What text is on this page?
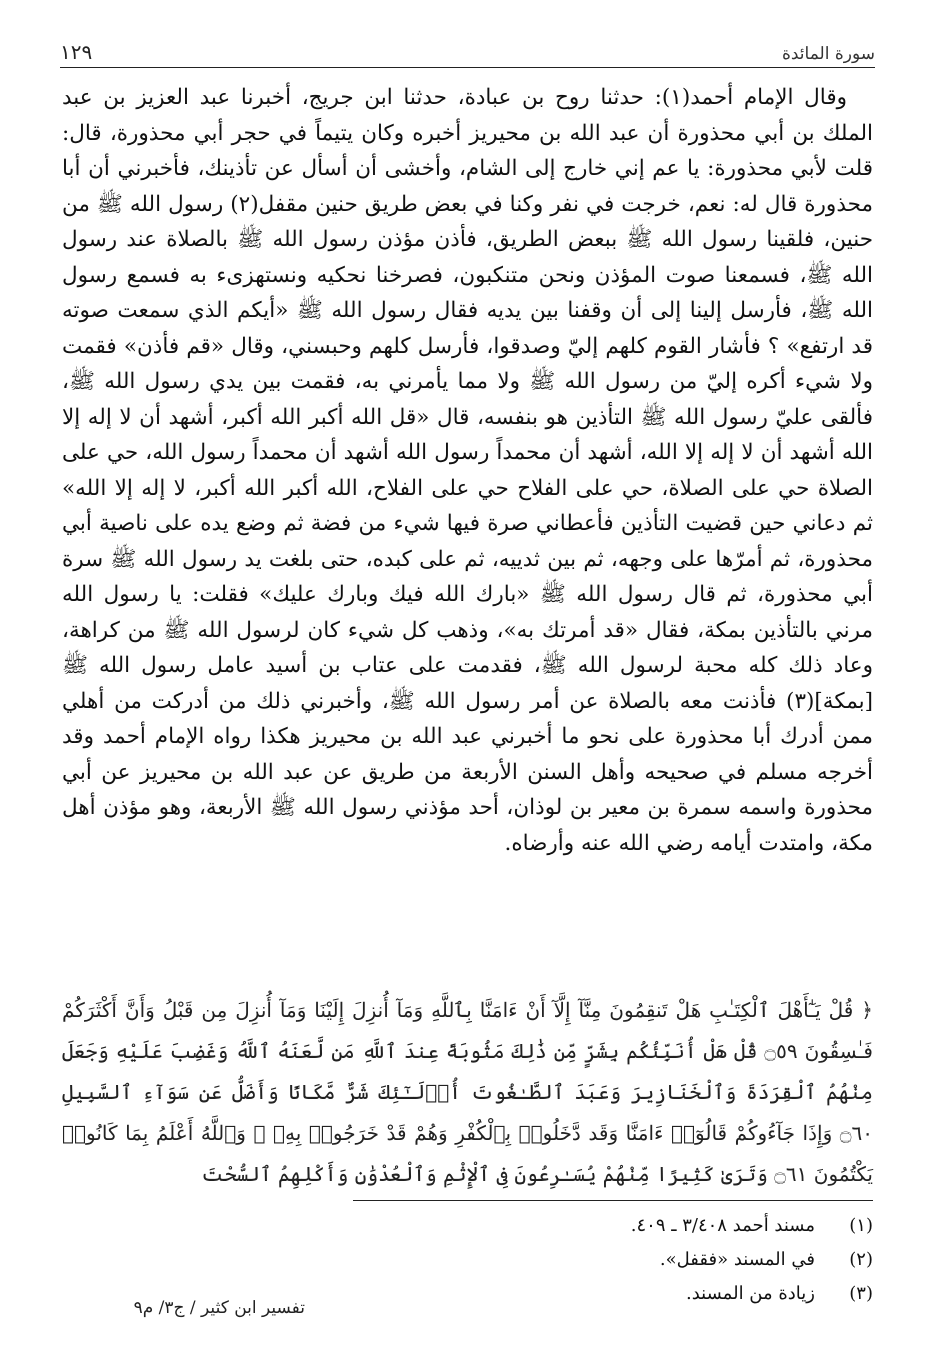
سورة المائدة
١٢٩

وقال الإمام أحمد(١): حدثنا روح بن عبادة، حدثنا ابن جريج، أخبرنا عبد العزيز بن عبد الملك بن أبي محذورة أن عبد الله بن محيريز أخبره وكان يتيماً في حجر أبي محذورة، قال: قلت لأبي محذورة: يا عم إني خارج إلى الشام، وأخشى أن أسأل عن تأذينك، فأخبرني أن أبا محذورة قال له: نعم، خرجت في نفر وكنا في بعض طريق حنين مقفل(٢) رسول الله ﷺ من حنين، فلقينا رسول الله ﷺ ببعض الطريق، فأذن مؤذن رسول الله ﷺ بالصلاة عند رسول الله ﷺ، فسمعنا صوت المؤذن ونحن متنكبون، فصرخنا نحكيه ونستهزىء به فسمع رسول الله ﷺ، فأرسل إلينا إلى أن وقفنا بين يديه فقال رسول الله ﷺ «أيكم الذي سمعت صوته قد ارتفع» ؟ فأشار القوم كلهم إليّ وصدقوا، فأرسل كلهم وحبسني، وقال «قم فأذن» فقمت ولا شيء أكره إليّ من رسول الله ﷺ ولا مما يأمرني به، فقمت بين يدي رسول الله ﷺ، فألقى عليّ رسول الله ﷺ التأذين هو بنفسه، قال «قل الله أكبر الله أكبر، أشهد أن لا إله إلا الله أشهد أن لا إله إلا الله، أشهد أن محمداً رسول الله أشهد أن محمداً رسول الله، حي على الصلاة حي على الصلاة، حي على الفلاح حي على الفلاح، الله أكبر الله أكبر، لا إله إلا الله» ثم دعاني حين قضيت التأذين فأعطاني صرة فيها شيء من فضة ثم وضع يده على ناصية أبي محذورة، ثم أمرّها على وجهه، ثم بين ثدييه، ثم على كبده، حتى بلغت يد رسول الله ﷺ سرة أبي محذورة، ثم قال رسول الله ﷺ «بارك الله فيك وبارك عليك» فقلت: يا رسول الله مرني بالتأذين بمكة، فقال «قد أمرتك به»، وذهب كل شيء كان لرسول الله ﷺ من كراهة، وعاد ذلك كله محبة لرسول الله ﷺ، فقدمت على عتاب بن أسيد عامل رسول الله ﷺ [بمكة](٣) فأذنت معه بالصلاة عن أمر رسول الله ﷺ، وأخبرني ذلك من أدركت من أهلي ممن أدرك أبا محذورة على نحو ما أخبرني عبد الله بن محيريز هكذا رواه الإمام أحمد وقد أخرجه مسلم في صحيحه وأهل السنن الأربعة من طريق عن عبد الله بن محيريز عن أبي محذورة واسمه سمرة بن معير بن لوذان، أحد مؤذني رسول الله ﷺ الأربعة، وهو مؤذن أهل مكة، وامتدت أيامه رضي الله عنه وأرضاه.

﴿ قُلْ يَـٰٓأَهْلَ ٱلْكِتَـٰبِ هَلْ تَنقِمُونَ مِنَّآ إِلَّآ أَنْ ءَامَنَّا بِٱللَّهِ وَمَآ أُنزِلَ إِلَيْنَا وَمَآ أُنزِلَ مِن قَبْلُ وَأَنَّ أَكْثَرَكُمْ فَـٰسِقُونَ ۝٥٩ قُلْ هَلْ أُنَبِّئُكُم بِشَرٍّ مِّن ذَٰلِكَ مَثُوبَةً عِندَ ٱللَّهِ مَن لَّعَنَهُ ٱللَّهُ وَغَضِبَ عَلَيْهِ وَجَعَلَ مِنْهُمُ ٱلْقِرَدَةَ وَٱلْخَنَازِيرَ وَعَبَدَ ٱلطَّـٰغُوتَ أُو۟لَـٰٓئِكَ شَرٌّ مَّكَانًا وَأَضَلُّ عَن سَوَآءِ ٱلسَّبِيلِ ۝٦٠ وَإِذَا جَآءُوكُمْ قَالُوٓا۟ ءَامَنَّا وَقَد دَّخَلُوا۟ بِٱلْكُفْرِ وَهُمْ قَدْ خَرَجُوا۟ بِهِۦ ۚ وَٱللَّهُ أَعْلَمُ بِمَا كَانُوا۟ يَكْتُمُونَ ۝٦١ وَتَرَىٰ كَثِيرًا مِّنْهُمْ يُسَـٰرِعُونَ فِى ٱلْإِثْمِ وَٱلْعُدْوَٰنِ وَأَكْلِهِمُ ٱلسُّحْتَ
(١)
مسند أحمد ٣/٤٠٨ ـ ٤٠٩.
(٢)
في المسند «فقفل».
(٣)
زيادة من المسند.
تفسير ابن كثير / ج٣/ م٩
